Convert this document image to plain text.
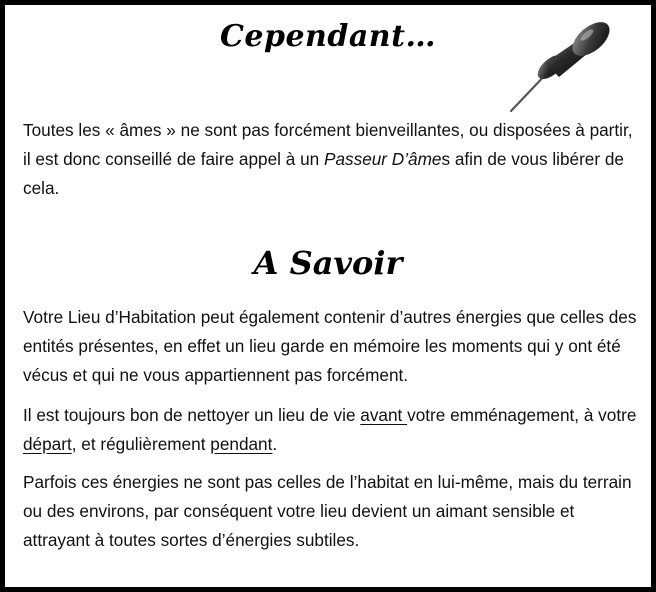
Cependant…

Toutes les « âmes » ne sont pas forcément bienveillantes, ou disposées à partir, il est donc conseillé de faire appel à un Passeur D’âmes afin de vous libérer de cela.

A Savoir

Votre Lieu d’Habitation peut également contenir d’autres énergies que celles des entités présentes, en effet un lieu garde en mémoire les moments qui y ont été vécus et qui ne vous appartiennent pas forcément.

Il est toujours bon de nettoyer un lieu de vie avant votre emménagement, à votre départ, et régulièrement pendant.

Parfois ces énergies ne sont pas celles de l’habitat en lui-même, mais du terrain ou des environs, par conséquent votre lieu devient un aimant sensible et attrayant à toutes sortes d’énergies subtiles.
